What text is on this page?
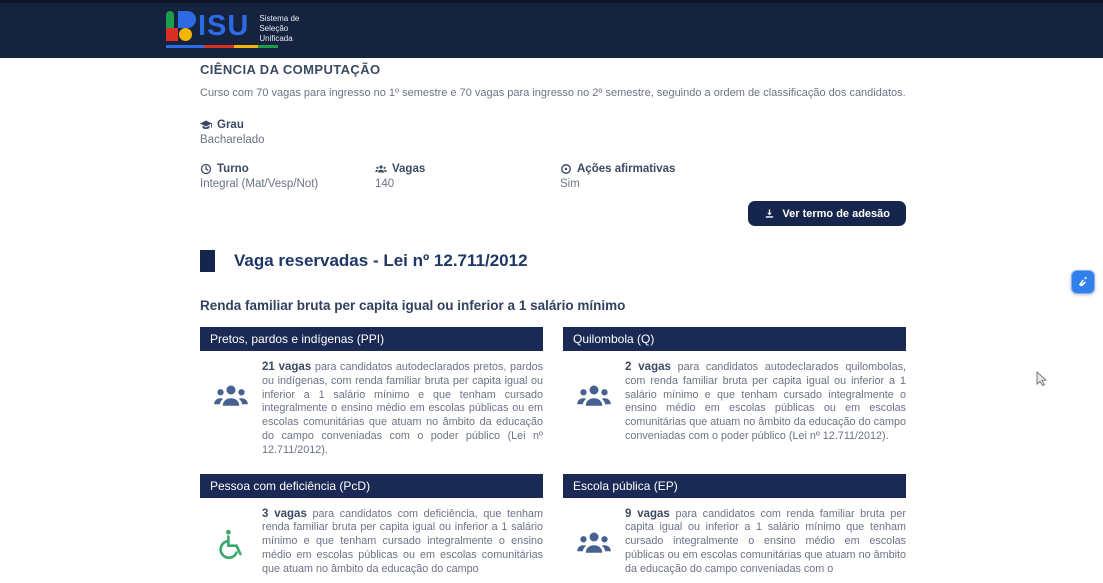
ISU Sistema de
Seleção
Unificada
CIÊNCIA DA COMPUTAÇÃO
Curso com 70 vagas para ingresso no 1º semestre e 70 vagas para ingresso no 2º semestre, seguindo a ordem de classificação dos candidatos.
Grau
Bacharelado
Turno
Integral (Mat/Vesp/Not)
Vagas
140
Ações afirmativas
Sim
Ver termo de adesão
Vaga reservadas - Lei nº 12.711/2012
Renda familiar bruta per capita igual ou inferior a 1 salário mínimo
Pretos, pardos e indígenas (PPI)
21 vagas para candidatos autodeclarados pretos, pardos ou indígenas, com renda familiar bruta per capita igual ou inferior a 1 salário mínimo e que tenham cursado integralmente o ensino médio em escolas públicas ou em escolas comunitárias que atuam no âmbito da educação do campo conveniadas com o poder público (Lei nº 12.711/2012).
Quilombola (Q)
2 vagas para candidatos autodeclarados quilombolas, com renda familiar bruta per capita igual ou inferior a 1 salário mínimo e que tenham cursado integralmente o ensino médio em escolas públicas ou em escolas comunitárias que atuam no âmbito da educação do campo conveniadas com o poder público (Lei nº 12.711/2012).
Pessoa com deficiência (PcD)
3 vagas para candidatos com deficiência, que tenham renda familiar bruta per capita igual ou inferior a 1 salário mínimo e que tenham cursado integralmente o ensino médio em escolas públicas ou em escolas comunitárias que atuam no âmbito da educação do campo
Escola pública (EP)
9 vagas para candidatos com renda familiar bruta per capita igual ou inferior a 1 salário mínimo que tenham cursado integralmente o ensino médio em escolas públicas ou em escolas comunitárias que atuam no âmbito da educação do campo conveniadas com o
